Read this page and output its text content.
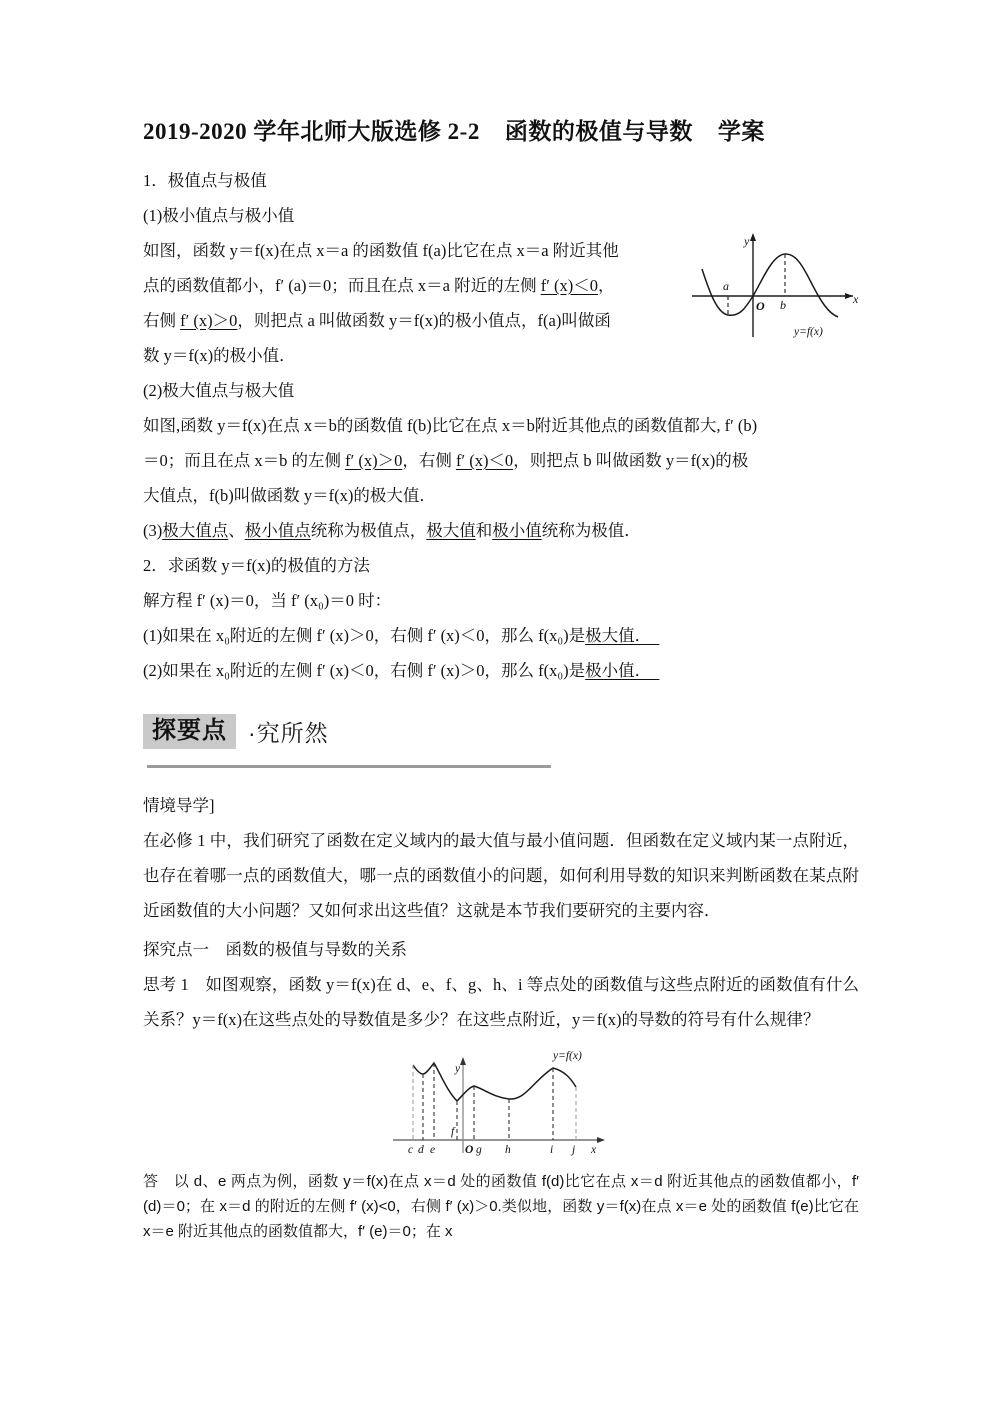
a
b
O
y
x
y=f(x)
2019-2020 学年北师大版选修 2-2    函数的极值与导数    学案

1．极值点与极值

(1)极小值点与极小值

如图，函数 y＝f(x)在点 x＝a 的函数值 f(a)比它在点 x＝a 附近其他

点的函数值都小，f′ (a)＝0；而且在点 x＝a 附近的左侧 f′ (x)＜0，

右侧 f′ (x)＞0，则把点 a 叫做函数 y＝f(x)的极小值点，f(a)叫做函

数 y＝f(x)的极小值．

(2)极大值点与极大值

如图,函数 y＝f(x)在点 x＝b的函数值 f(b)比它在点 x＝b附近其他点的函数值都大, f′ (b)

＝0；而且在点 x＝b 的左侧 f′ (x)＞0，右侧 f′ (x)＜0，则把点 b 叫做函数 y＝f(x)的极

大值点，f(b)叫做函数 y＝f(x)的极大值．

(3)极大值点、极小值点统称为极值点，极大值和极小值统称为极值．

2．求函数 y＝f(x)的极值的方法

解方程 f′ (x)＝0，当 f′ (x₀)＝0 时：

(1)如果在 x₀附近的左侧 f′ (x)＞0，右侧 f′ (x)＜0，那么 f(x₀)是极大值．　

(2)如果在 x₀附近的左侧 f′ (x)＜0，右侧 f′ (x)＞0，那么 f(x₀)是极小值．　

探要点 ·究所然

情境导学]

在必修 1 中，我们研究了函数在定义域内的最大值与最小值问题．但函数在定义域内某一点附近，也存在着哪一点的函数值大，哪一点的函数值小的问题，如何利用导数的知识来判断函数在某点附近函数值的大小问题？又如何求出这些值？这就是本节我们要研究的主要内容．

探究点一　函数的极值与导数的关系

思考 1　如图观察，函数 y＝f(x)在 d、e、f、g、h、i 等点处的函数值与这些点附近的函数值有什么关系？y＝f(x)在这些点处的导数值是多少？在这些点附近，y＝f(x)的导数的符号有什么规律？

c d e
f
O g h	i j
y
x
y=f(x)

答　以 d、e 两点为例，函数 y＝f(x)在点 x＝d 处的函数值 f(d)比它在点 x＝d 附近其他点的函数值都小，f′ (d)＝0；在 x＝d 的附近的左侧 f′ (x)<0，右侧 f′ (x)＞0.类似地，函数 y＝f(x)在点 x＝e 处的函数值 f(e)比它在 x＝e 附近其他点的函数值都大，f′ (e)＝0；在 x
